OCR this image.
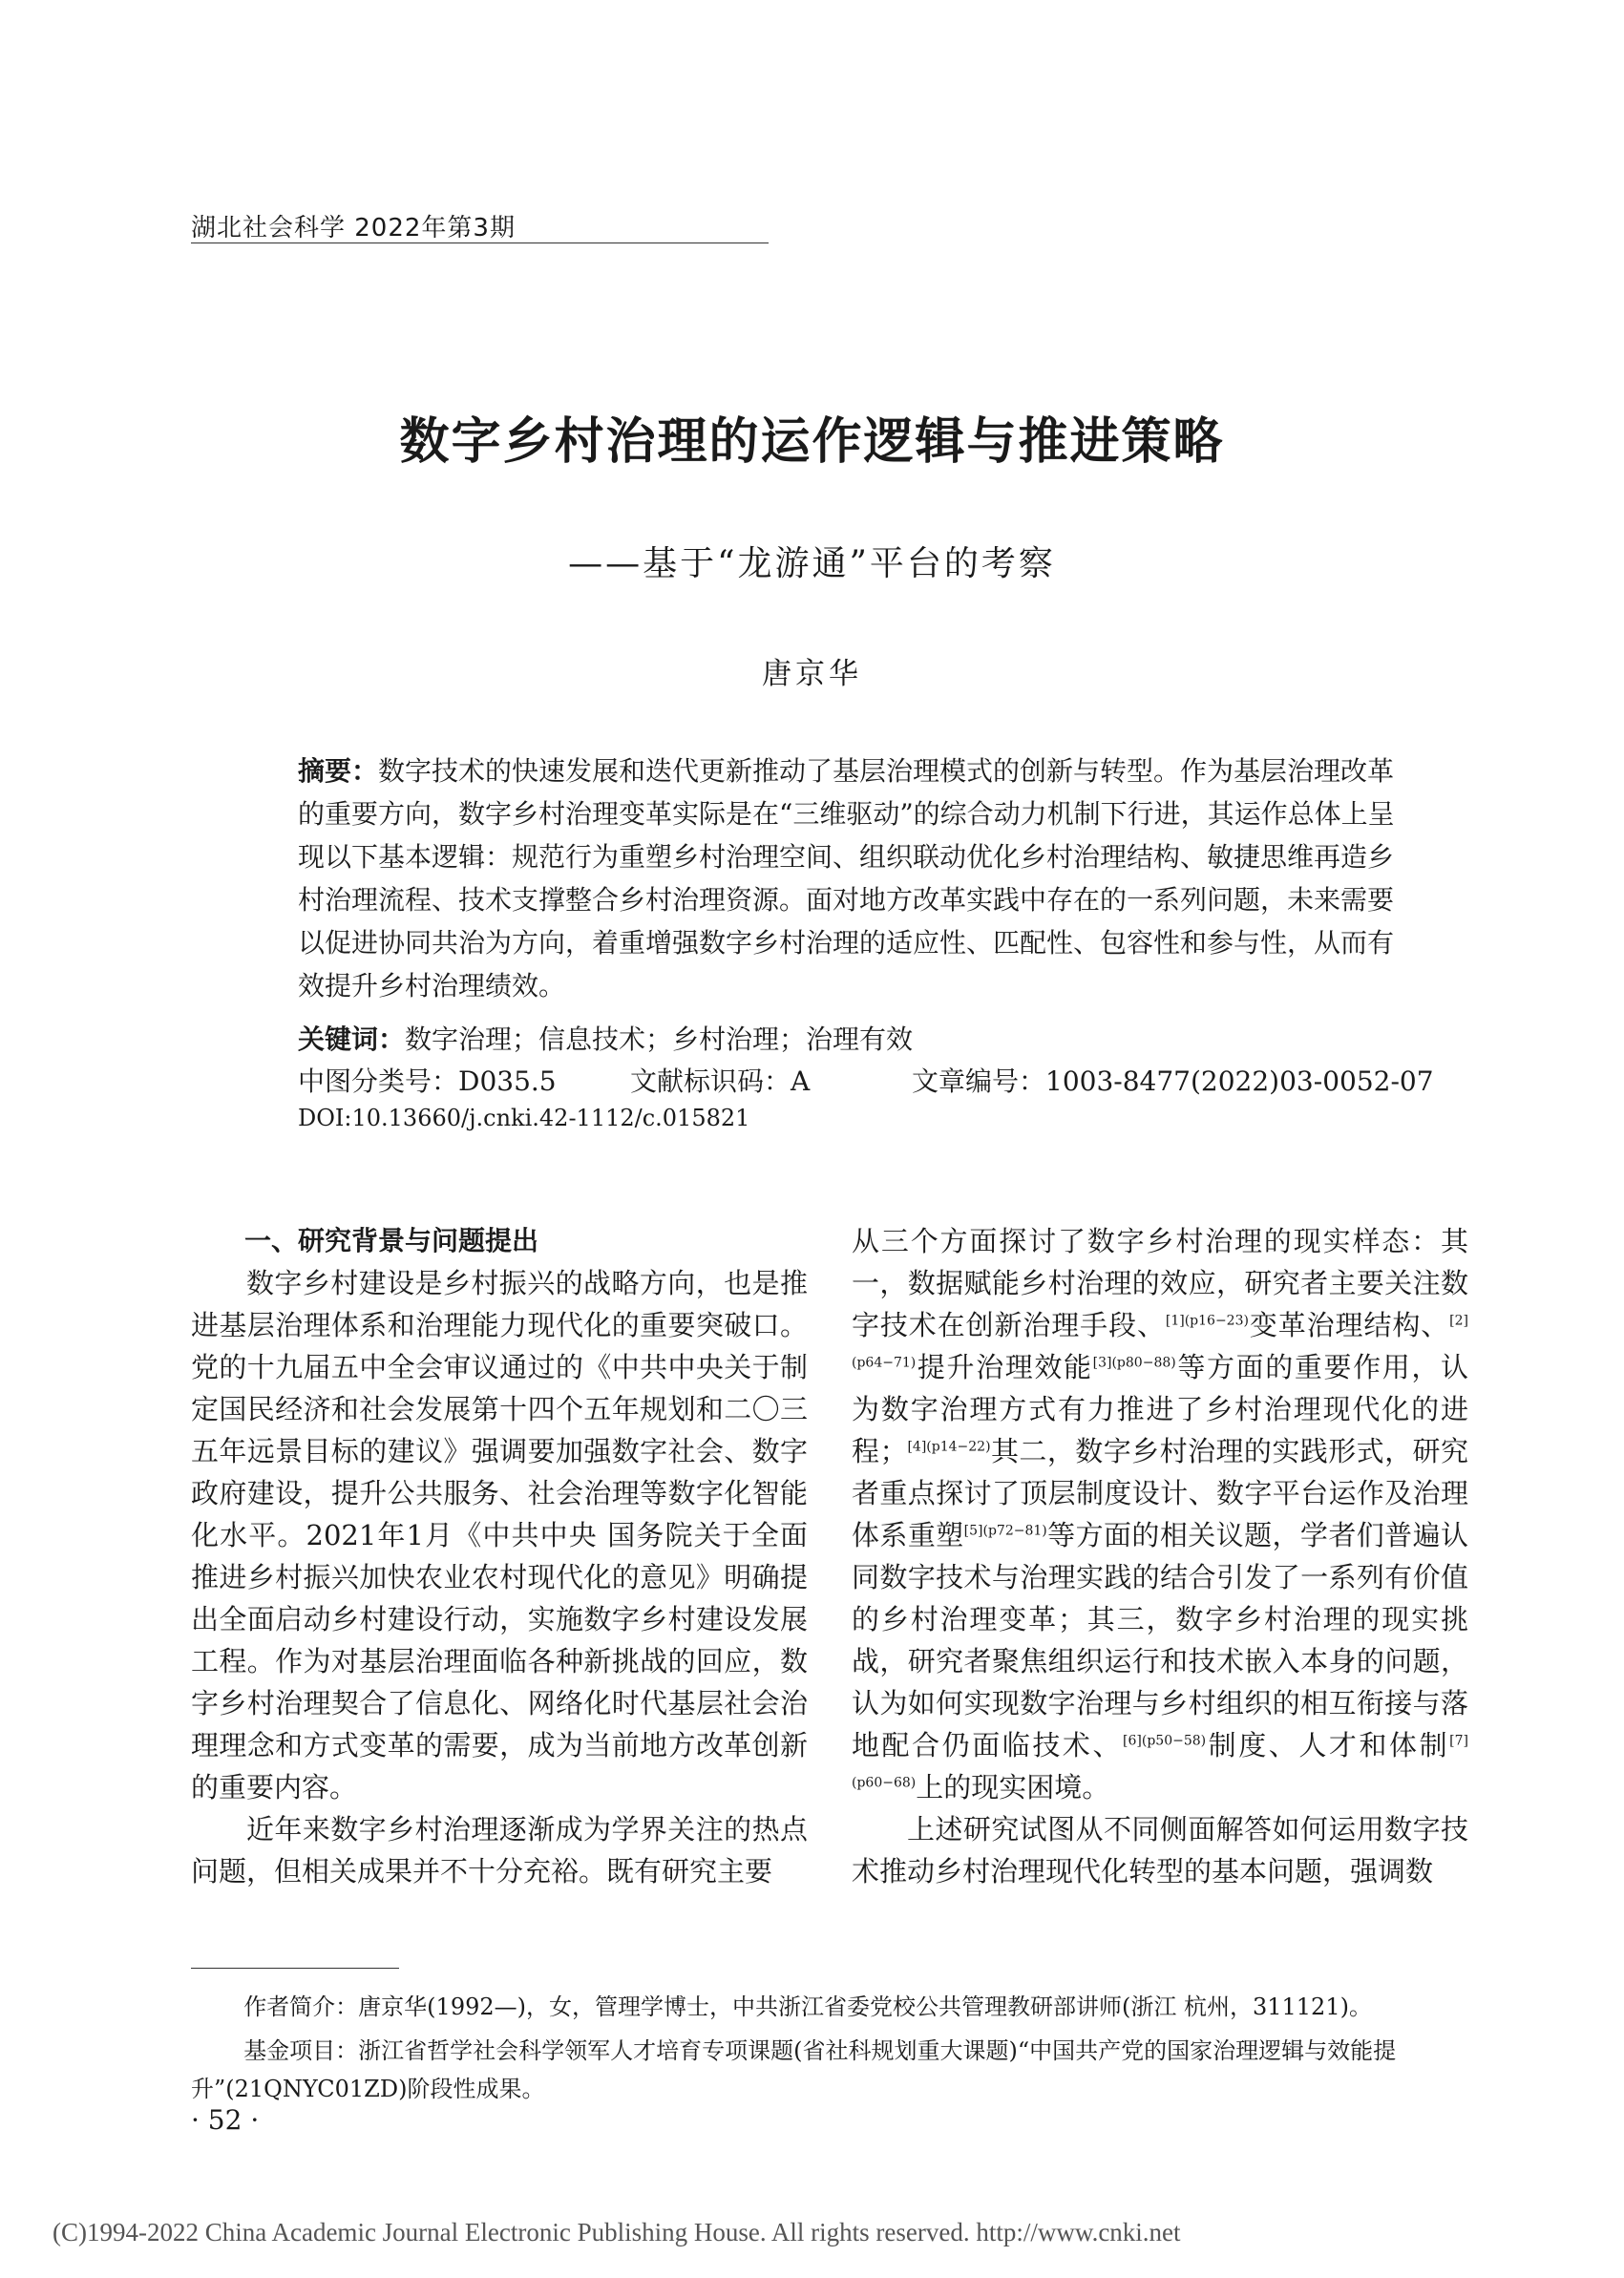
湖北社会科学 2022年第3期
数字乡村治理的运作逻辑与推进策略
——基于“龙游通”平台的考察
唐京华
摘要：数字技术的快速发展和迭代更新推动了基层治理模式的创新与转型。作为基层治理改革的重要方向，数字乡村治理变革实际是在“三维驱动”的综合动力机制下行进，其运作总体上呈现以下基本逻辑：规范行为重塑乡村治理空间、组织联动优化乡村治理结构、敏捷思维再造乡村治理流程、技术支撑整合乡村治理资源。面对地方改革实践中存在的一系列问题，未来需要以促进协同共治为方向，着重增强数字乡村治理的适应性、匹配性、包容性和参与性，从而有效提升乡村治理绩效。
关键词：数字治理；信息技术；乡村治理；治理有效
中图分类号：D035.5	文献标识码：A	文章编号：1003-8477(2022)03-0052-07
DOI:10.13660/j.cnki.42-1112/c.015821
一、研究背景与问题提出

数字乡村建设是乡村振兴的战略方向，也是推进基层治理体系和治理能力现代化的重要突破口。党的十九届五中全会审议通过的《中共中央关于制定国民经济和社会发展第十四个五年规划和二〇三五年远景目标的建议》强调要加强数字社会、数字政府建设，提升公共服务、社会治理等数字化智能化水平。2021年1月《中共中央 国务院关于全面推进乡村振兴加快农业农村现代化的意见》明确提出全面启动乡村建设行动，实施数字乡村建设发展工程。作为对基层治理面临各种新挑战的回应，数字乡村治理契合了信息化、网络化时代基层社会治理理念和方式变革的需要，成为当前地方改革创新的重要内容。

近年来数字乡村治理逐渐成为学界关注的热点问题，但相关成果并不十分充裕。既有研究主要

从三个方面探讨了数字乡村治理的现实样态：其一，数据赋能乡村治理的效应，研究者主要关注数字技术在创新治理手段、$^{[1](p16-23)}$变革治理结构、$^{[2](p64-71)}$提升治理效能$^{[3](p80-88)}$等方面的重要作用，认为数字治理方式有力推进了乡村治理现代化的进程；$^{[4](p14-22)}$其二，数字乡村治理的实践形式，研究者重点探讨了顶层制度设计、数字平台运作及治理体系重塑$^{[5](p72-81)}$等方面的相关议题，学者们普遍认同数字技术与治理实践的结合引发了一系列有价值的乡村治理变革；其三，数字乡村治理的现实挑战，研究者聚焦组织运行和技术嵌入本身的问题，认为如何实现数字治理与乡村组织的相互衔接与落地配合仍面临技术、$^{[6](p50-58)}$制度、人才和体制$^{[7](p60-68)}$上的现实困境。

上述研究试图从不同侧面解答如何运用数字技术推动乡村治理现代化转型的基本问题，强调数

作者简介：唐京华(1992—)，女，管理学博士，中共浙江省委党校公共管理教研部讲师(浙江 杭州，311121)。

基金项目：浙江省哲学社会科学领军人才培育专项课题(省社科规划重大课题)“中国共产党的国家治理逻辑与效能提升”(21QNYC01ZD)阶段性成果。

· 52 ·
(C)1994-2022 China Academic Journal Electronic Publishing House. All rights reserved. http://www.cnki.net
